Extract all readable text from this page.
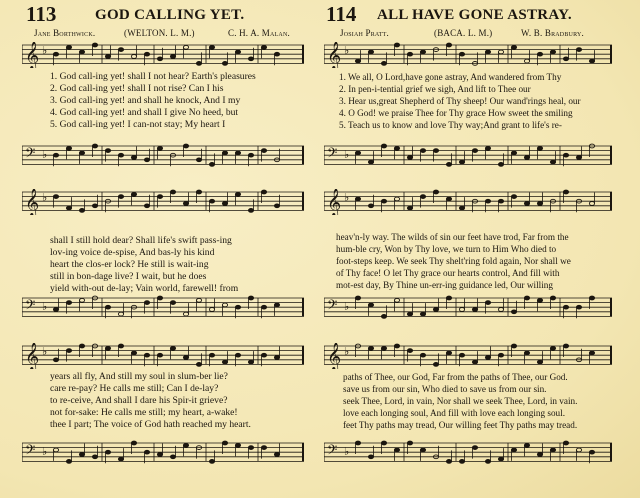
113	GOD CALLING YET.
Jane Borthwick.	(WELTON. L. M.)	C. H. A. Malan.
114 ALL HAVE GONE ASTRAY.
Josiah Pratt.	(BACA. L. M.)	W. B. Bradbury.
𝄞 ♭
𝄢 ♭
𝄞 ♭
𝄢 ♭
𝄞 ♭
𝄢 ♭
𝄞 ♭
𝄢 ♭
𝄞 ♭
𝄢 ♭
𝄞 ♭
𝄢 ♭
1. God call-ing yet! shall I not hear? Earth's pleasures
2. God call-ing yet! shall I not rise? Can I his
3. God call-ing yet! and shall he knock, And I my
4. God call-ing yet! and shall I give No heed, but
5. God call-ing yet! I can-not stay; My heart I
shall I still hold dear? Shall life's swift pass-ing
lov-ing voice de-spise, And bas-ly his kind
heart the clos-er lock? He still is wait-ing
still in bon-dage live? I wait, but he does
yield with-out de-lay; Vain world, farewell! from
years all fly, And still my soul in slum-ber lie?
care re-pay? He calls me still; Can I de-lay?
to re-ceive, And shall I dare his Spir-it grieve?
not for-sake: He calls me still; my heart, a-wake!
thee I part; The voice of God hath reached my heart.
1. We all, O Lord,have gone astray, And wandered from Thy
2. In pen-i-tential grief we sigh, And lift to Thee our
3. Hear us,great Shepherd of Thy sheep! Our wand'rings heal, our
4. O God! we praise Thee for Thy grace How sweet the smiling
5. Teach us to know and love Thy way;And grant to life's re-
heav'n-ly way. The wilds of sin our feet have trod, Far from the
hum-ble cry, Won by Thy love, we turn to Him Who died to
foot-steps keep. We seek Thy shelt'ring fold again, Nor shall we
of Thy face! O let Thy grace our hearts control, And fill with
mot-est day, By Thine un-err-ing guidance led, Our willing
paths of Thee, our God, Far from the paths of Thee, our God.
save us from our sin, Who died to save us from our sin.
seek Thee, Lord, in vain, Nor shall we seek Thee, Lord, in vain.
love each longing soul, And fill with love each longing soul.
feet Thy paths may tread, Our willing feet Thy paths may tread.
